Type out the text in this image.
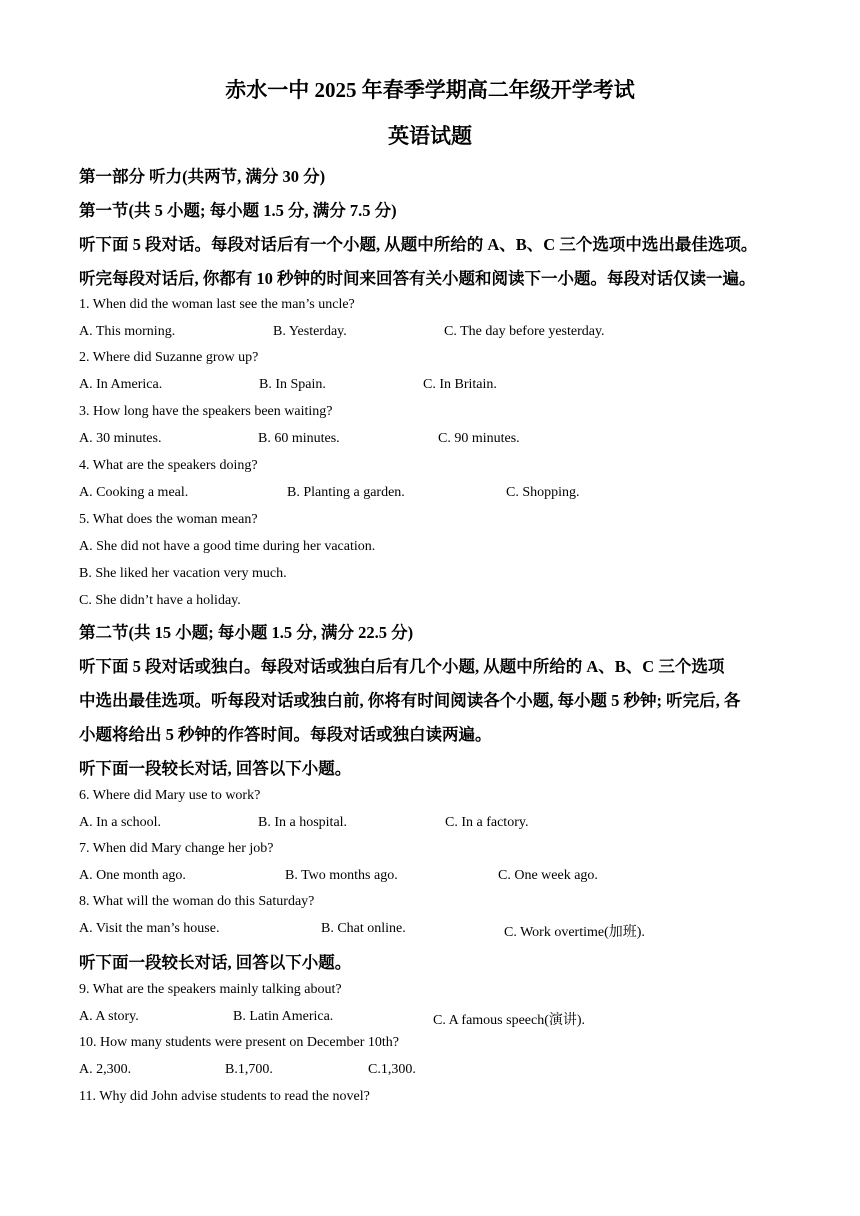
赤水一中 2025 年春季学期高二年级开学考试
英语试题
第一部分 听力(共两节, 满分 30 分)
第一节(共 5 小题; 每小题 1.5 分, 满分 7.5 分)
听下面 5 段对话。每段对话后有一个小题, 从题中所给的 A、B、C 三个选项中选出最佳选项。
听完每段对话后, 你都有 10 秒钟的时间来回答有关小题和阅读下一小题。每段对话仅读一遍。
1. When did the woman last see the man’s uncle?
A. This morning.	B. Yesterday.	C. The day before yesterday.
2. Where did Suzanne grow up?
A. In America.	B. In Spain.	C. In Britain.
3. How long have the speakers been waiting?
A. 30 minutes.	B. 60 minutes.	C. 90 minutes.
4. What are the speakers doing?
A. Cooking a meal.	B. Planting a garden.	C. Shopping.
5. What does the woman mean?
A. She did not have a good time during her vacation.
B. She liked her vacation very much.
C. She didn’t have a holiday.
第二节(共 15 小题; 每小题 1.5 分, 满分 22.5 分)
听下面 5 段对话或独白。每段对话或独白后有几个小题, 从题中所给的 A、B、C 三个选项
中选出最佳选项。听每段对话或独白前, 你将有时间阅读各个小题, 每小题 5 秒钟; 听完后, 各
小题将给出 5 秒钟的作答时间。每段对话或独白读两遍。
听下面一段较长对话, 回答以下小题。
6. Where did Mary use to work?
A. In a school.	B. In a hospital.	C. In a factory.
7. When did Mary change her job?
A. One month ago.	B. Two months ago.	C. One week ago.
8. What will the woman do this Saturday?
A. Visit the man’s house.	B. Chat online.	C. Work overtime(加班).
听下面一段较长对话, 回答以下小题。
9. What are the speakers mainly talking about?
A. A story.	B. Latin America.	C. A famous speech(演讲).
10. How many students were present on December 10th?
A. 2,300.	B.1,700.	C.1,300.
11. Why did John advise students to read the novel?
